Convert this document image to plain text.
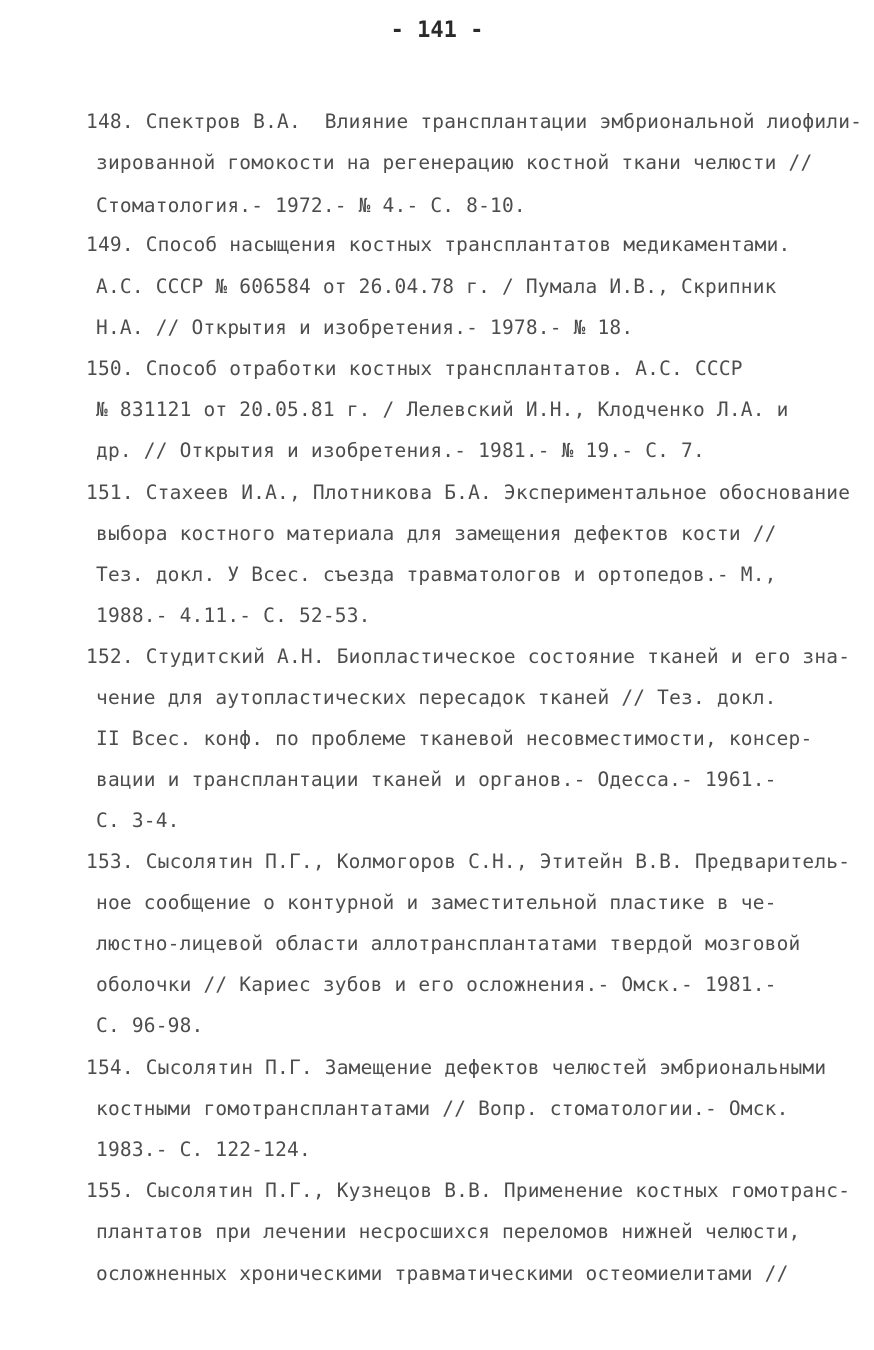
- 141 -
148. Спектров В.А.  Влияние трансплантации эмбриональной лиофили-
зированной гомокости на регенерацию костной ткани челюсти //
Стоматология.- 1972.- № 4.- С. 8-10.
149. Способ насыщения костных трансплантатов медикаментами.
А.С. СССР № 606584 от 26.04.78 г. / Пумала И.В., Скрипник
Н.А. // Открытия и изобретения.- 1978.- № 18.
150. Способ отработки костных трансплантатов. А.С. СССР
№ 831121 от 20.05.81 г. / Лелевский И.Н., Клодченко Л.А. и
др. // Открытия и изобретения.- 1981.- № 19.- С. 7.
151. Стахеев И.А., Плотникова Б.А. Экспериментальное обоснование
выбора костного материала для замещения дефектов кости //
Тез. докл. У Всес. съезда травматологов и ортопедов.- М.,
1988.- 4.11.- С. 52-53.
152. Студитский А.Н. Биопластическое состояние тканей и его зна-
чение для аутопластических пересадок тканей // Тез. докл.
II Всес. конф. по проблеме тканевой несовместимости, консер-
вации и трансплантации тканей и органов.- Одесса.- 1961.-
С. 3-4.
153. Сысолятин П.Г., Колмогоров С.Н., Этитейн В.В. Предваритель-
ное сообщение о контурной и заместительной пластике в че-
люстно-лицевой области аллотрансплантатами твердой мозговой
оболочки // Кариес зубов и его осложнения.- Омск.- 1981.-
С. 96-98.
154. Сысолятин П.Г. Замещение дефектов челюстей эмбриональными
костными гомотрансплантатами // Вопр. стоматологии.- Омск.
1983.- С. 122-124.
155. Сысолятин П.Г., Кузнецов В.В. Применение костных гомотранс-
плантатов при лечении несросшихся переломов нижней челюсти,
осложненных хроническими травматическими остеомиелитами //
